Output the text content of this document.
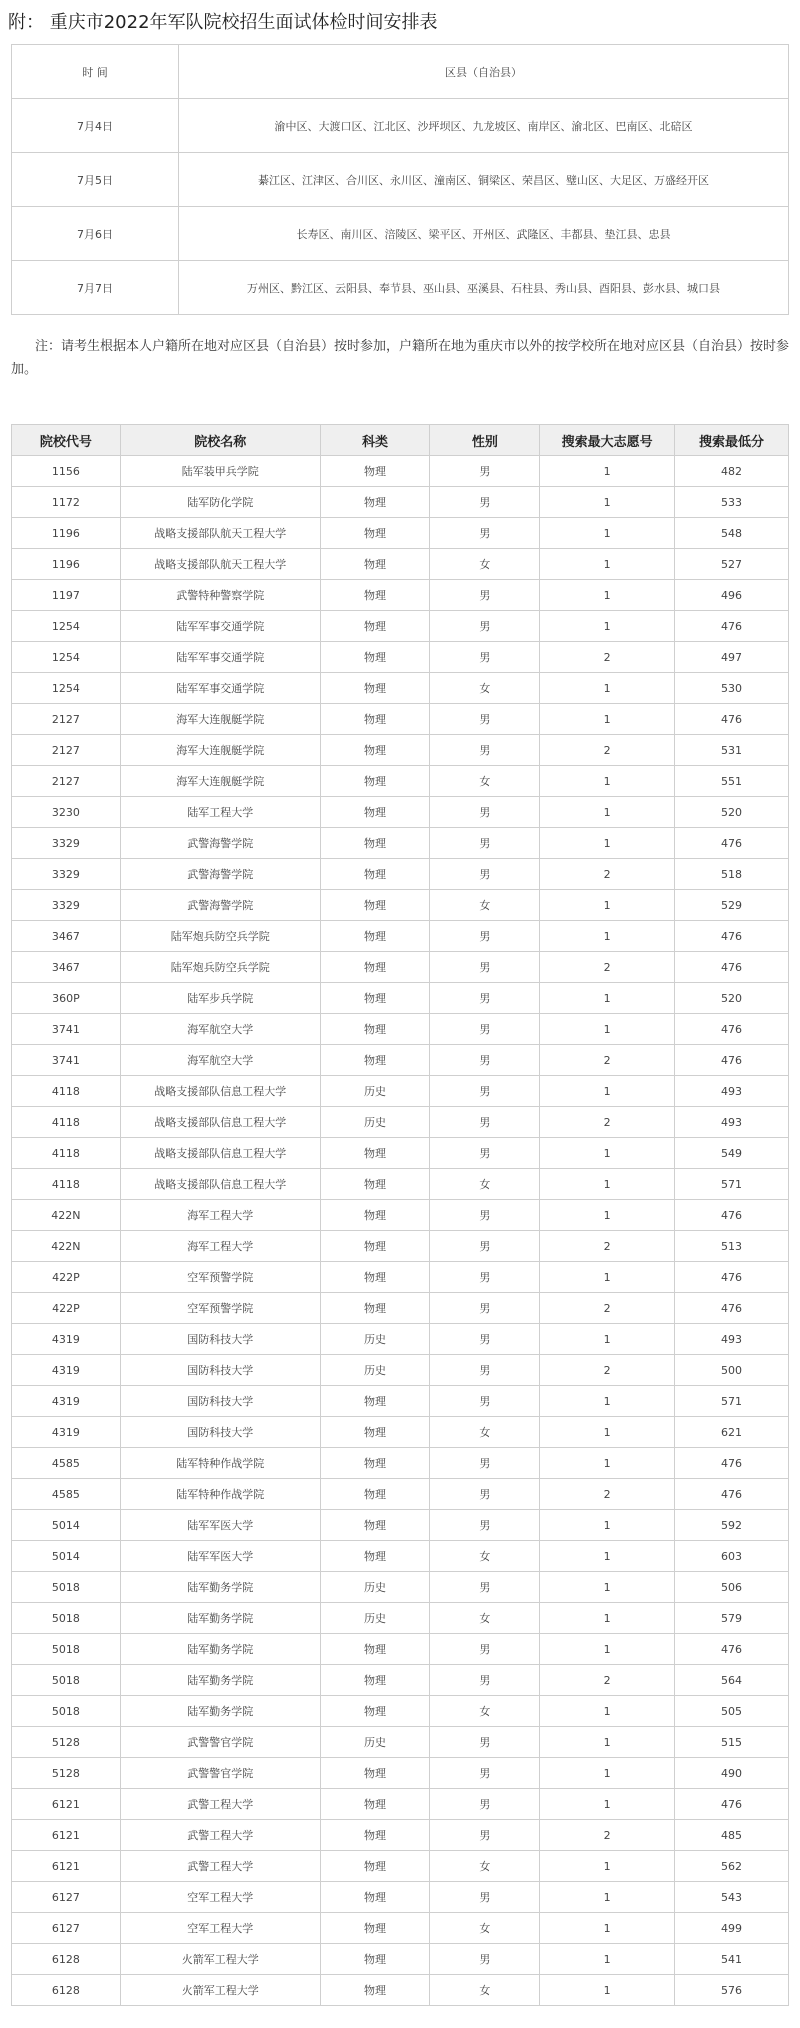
附： 重庆市2022年军队院校招生面试体检时间安排表
时 间	区县（自治县）
7月4日	渝中区、大渡口区、江北区、沙坪坝区、九龙坡区、南岸区、渝北区、巴南区、北碚区
7月5日	綦江区、江津区、合川区、永川区、潼南区、铜梁区、荣昌区、璧山区、大足区、万盛经开区
7月6日	长寿区、南川区、涪陵区、梁平区、开州区、武隆区、丰都县、垫江县、忠县
7月7日	万州区、黔江区、云阳县、奉节县、巫山县、巫溪县、石柱县、秀山县、酉阳县、彭水县、城口县
注：请考生根据本人户籍所在地对应区县（自治县）按时参加，户籍所在地为重庆市以外的按学校所在地对应区县（自治县）按时参加。
院校代号	院校名称	科类	性别	搜索最大志愿号	搜索最低分
1156	陆军装甲兵学院	物理	男	1	482
1172	陆军防化学院	物理	男	1	533
1196	战略支援部队航天工程大学	物理	男	1	548
1196	战略支援部队航天工程大学	物理	女	1	527
1197	武警特种警察学院	物理	男	1	496
1254	陆军军事交通学院	物理	男	1	476
1254	陆军军事交通学院	物理	男	2	497
1254	陆军军事交通学院	物理	女	1	530
2127	海军大连舰艇学院	物理	男	1	476
2127	海军大连舰艇学院	物理	男	2	531
2127	海军大连舰艇学院	物理	女	1	551
3230	陆军工程大学	物理	男	1	520
3329	武警海警学院	物理	男	1	476
3329	武警海警学院	物理	男	2	518
3329	武警海警学院	物理	女	1	529
3467	陆军炮兵防空兵学院	物理	男	1	476
3467	陆军炮兵防空兵学院	物理	男	2	476
360P	陆军步兵学院	物理	男	1	520
3741	海军航空大学	物理	男	1	476
3741	海军航空大学	物理	男	2	476
4118	战略支援部队信息工程大学	历史	男	1	493
4118	战略支援部队信息工程大学	历史	男	2	493
4118	战略支援部队信息工程大学	物理	男	1	549
4118	战略支援部队信息工程大学	物理	女	1	571
422N	海军工程大学	物理	男	1	476
422N	海军工程大学	物理	男	2	513
422P	空军预警学院	物理	男	1	476
422P	空军预警学院	物理	男	2	476
4319	国防科技大学	历史	男	1	493
4319	国防科技大学	历史	男	2	500
4319	国防科技大学	物理	男	1	571
4319	国防科技大学	物理	女	1	621
4585	陆军特种作战学院	物理	男	1	476
4585	陆军特种作战学院	物理	男	2	476
5014	陆军军医大学	物理	男	1	592
5014	陆军军医大学	物理	女	1	603
5018	陆军勤务学院	历史	男	1	506
5018	陆军勤务学院	历史	女	1	579
5018	陆军勤务学院	物理	男	1	476
5018	陆军勤务学院	物理	男	2	564
5018	陆军勤务学院	物理	女	1	505
5128	武警警官学院	历史	男	1	515
5128	武警警官学院	物理	男	1	490
6121	武警工程大学	物理	男	1	476
6121	武警工程大学	物理	男	2	485
6121	武警工程大学	物理	女	1	562
6127	空军工程大学	物理	男	1	543
6127	空军工程大学	物理	女	1	499
6128	火箭军工程大学	物理	男	1	541
6128	火箭军工程大学	物理	女	1	576
